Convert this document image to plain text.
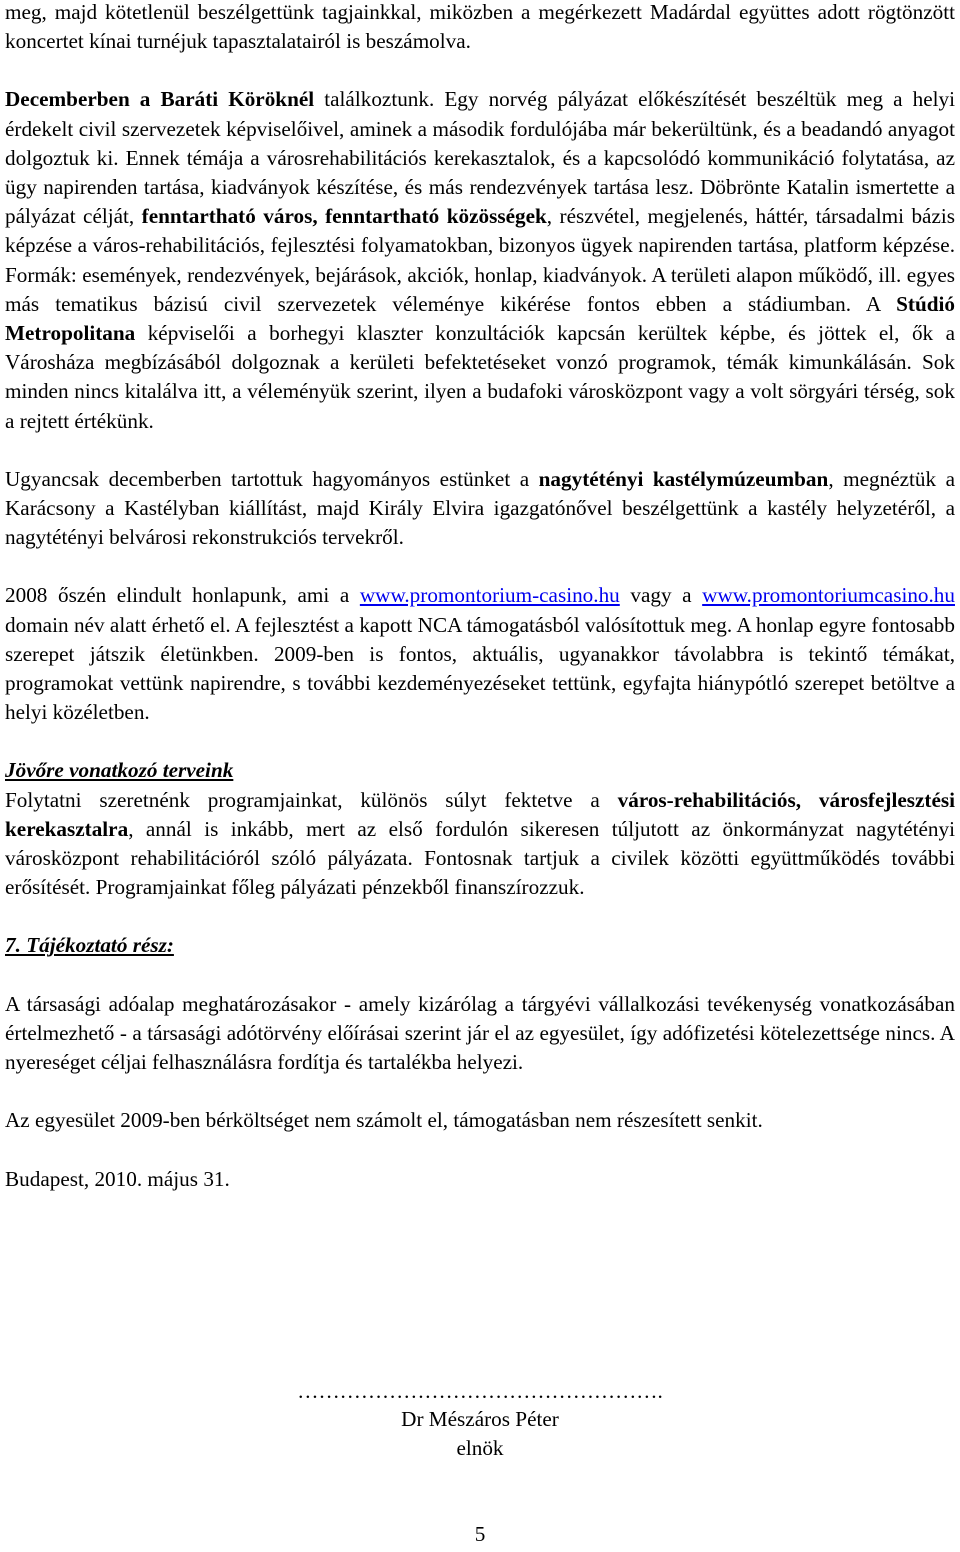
meg, majd kötetlenül beszélgettünk tagjainkkal, miközben a megérkezett Madárdal együttes adott rögtönzött koncertet kínai turnéjuk tapasztalatairól is beszámolva.

Decemberben a Baráti Köröknél találkoztunk. Egy norvég pályázat előkészítését beszéltük meg a helyi érdekelt civil szervezetek képviselőivel, aminek a második fordulójába már bekerültünk, és a beadandó anyagot dolgoztuk ki. Ennek témája a városrehabilitációs kerekasztalok, és a kapcsolódó kommunikáció folytatása, az ügy napirenden tartása, kiadványok készítése, és más rendezvények tartása lesz. Döbrönte Katalin ismertette a pályázat célját, fenntartható város, fenntartható közösségek, részvétel, megjelenés, háttér, társadalmi bázis képzése a város-rehabilitációs, fejlesztési folyamatokban, bizonyos ügyek napirenden tartása, platform képzése. Formák: események, rendezvények, bejárások, akciók, honlap, kiadványok. A területi alapon működő, ill. egyes más tematikus bázisú civil szervezetek véleménye kikérése fontos ebben a stádiumban. A Stúdió Metropolitana képviselői a borhegyi klaszter konzultációk kapcsán kerültek képbe, és jöttek el, ők a Városháza megbízásából dolgoznak a kerületi befektetéseket vonzó programok, témák kimunkálásán. Sok minden nincs kitalálva itt, a véleményük szerint, ilyen a budafoki városközpont vagy a volt sörgyári térség, sok a rejtett értékünk.

Ugyancsak decemberben tartottuk hagyományos estünket a nagytétényi kastélymúzeumban, megnéztük a Karácsony a Kastélyban kiállítást, majd Király Elvira igazgatónővel beszélgettünk a kastély helyzetéről, a nagytétényi belvárosi rekonstrukciós tervekről.

2008 őszén elindult honlapunk, ami a www.promontorium-casino.hu vagy a www.promontoriumcasino.hu domain név alatt érhető el. A fejlesztést a kapott NCA támogatásból valósítottuk meg. A honlap egyre fontosabb szerepet játszik életünkben. 2009-ben is fontos, aktuális, ugyanakkor távolabbra is tekintő témákat, programokat vettünk napirendre, s további kezdeményezéseket tettünk, egyfajta hiánypótló szerepet betöltve a helyi közéletben.

Jövőre vonatkozó terveink

Folytatni szeretnénk programjainkat, különös súlyt fektetve a város-rehabilitációs, városfejlesztési kerekasztalra, annál is inkább, mert az első fordulón sikeresen túljutott az önkormányzat nagytétényi városközpont rehabilitációról szóló pályázata. Fontosnak tartjuk a civilek közötti együttműködés további erősítését. Programjainkat főleg pályázati pénzekből finanszírozzuk.

7. Tájékoztató rész:

A társasági adóalap meghatározásakor - amely kizárólag a tárgyévi vállalkozási tevékenység vonatkozásában értelmezhető - a társasági adótörvény előírásai szerint jár el az egyesület, így adófizetési kötelezettsége nincs. A nyereséget céljai felhasználásra fordítja és tartalékba helyezi.

Az egyesület 2009-ben bérköltséget nem számolt el, támogatásban nem részesített senkit.

Budapest, 2010. május 31.

…………………………………………….
Dr Mészáros Péter
elnök
5
